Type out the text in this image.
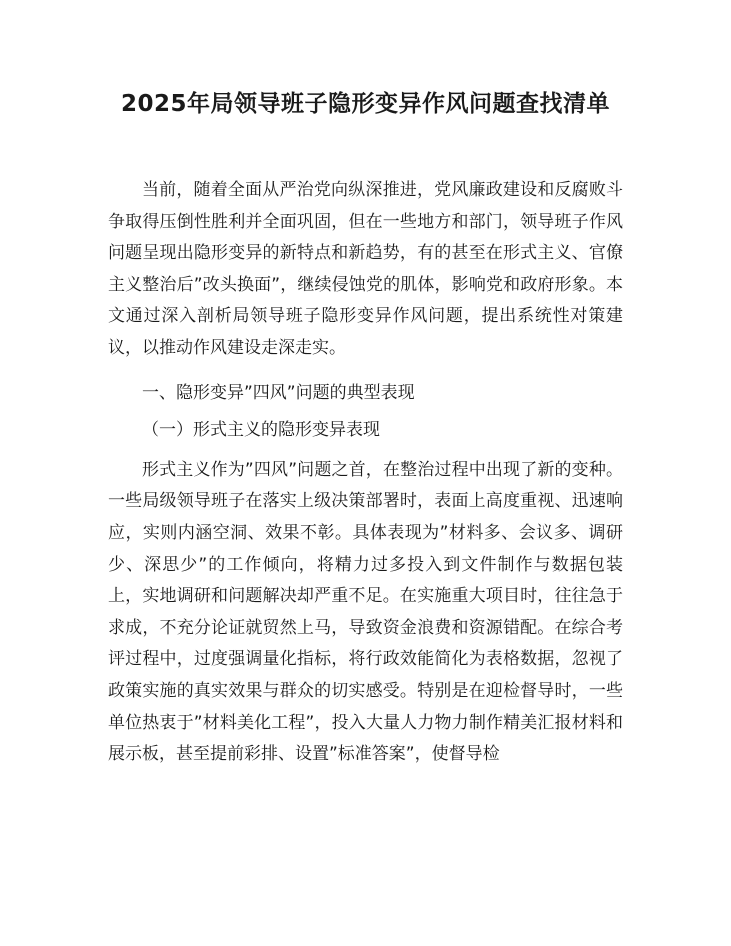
2025年局领导班子隐形变异作风问题查找清单

当前，随着全面从严治党向纵深推进，党风廉政建设和反腐败斗争取得压倒性胜利并全面巩固，但在一些地方和部门，领导班子作风问题呈现出隐形变异的新特点和新趋势，有的甚至在形式主义、官僚主义整治后”改头换面”，继续侵蚀党的肌体，影响党和政府形象。本文通过深入剖析局领导班子隐形变异作风问题，提出系统性对策建议，以推动作风建设走深走实。

一、隐形变异”四风”问题的典型表现

（一）形式主义的隐形变异表现

形式主义作为”四风”问题之首，在整治过程中出现了新的变种。一些局级领导班子在落实上级决策部署时，表面上高度重视、迅速响应，实则内涵空洞、效果不彰。具体表现为”材料多、会议多、调研少、深思少”的工作倾向，将精力过多投入到文件制作与数据包装上，实地调研和问题解决却严重不足。在实施重大项目时，往往急于求成，不充分论证就贸然上马，导致资金浪费和资源错配。在综合考评过程中，过度强调量化指标，将行政效能简化为表格数据，忽视了政策实施的真实效果与群众的切实感受。特别是在迎检督导时，一些单位热衷于”材料美化工程”，投入大量人力物力制作精美汇报材料和展示板，甚至提前彩排、设置”标准答案”，使督导检
